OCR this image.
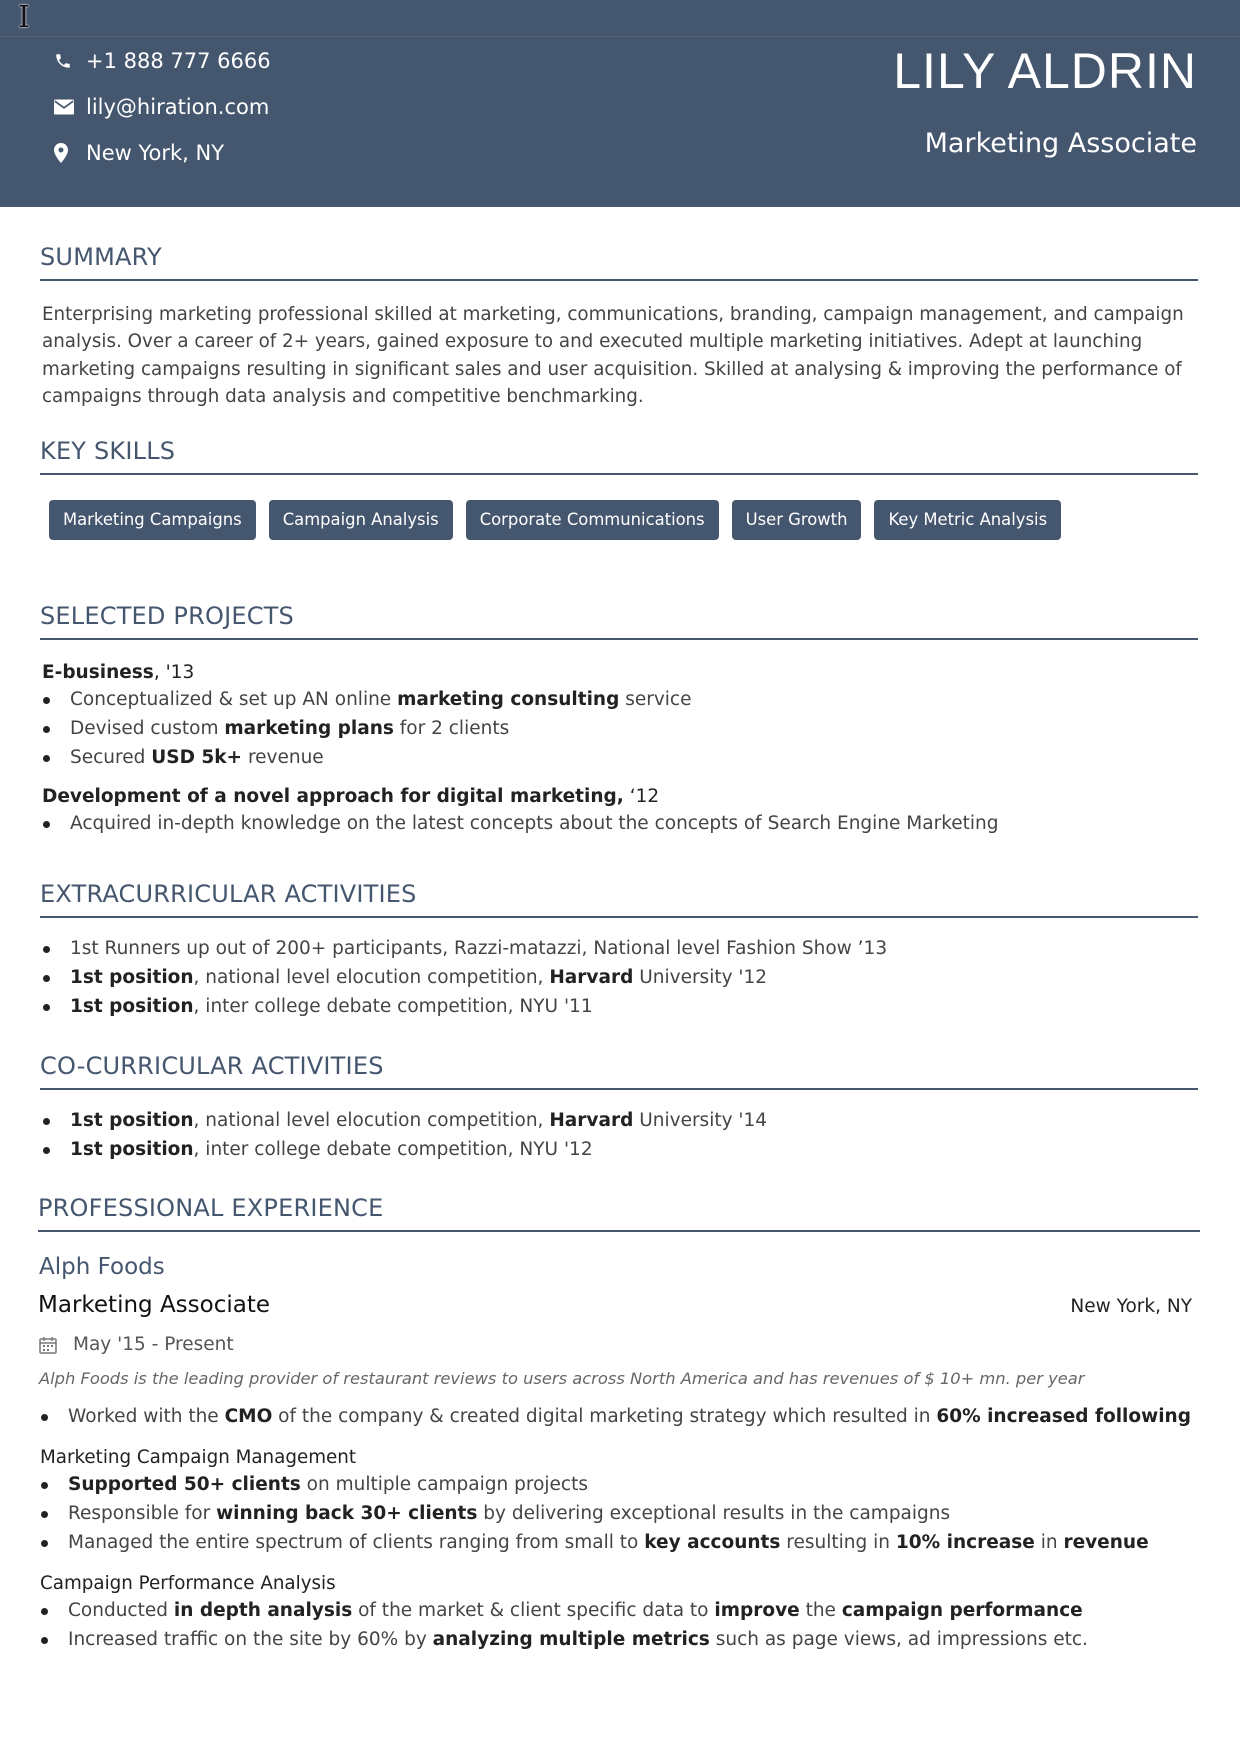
I
+1 888 777 6666
lily@hiration.com
New York, NY
LILY ALDRIN
Marketing Associate
SUMMARY
Enterprising marketing professional skilled at marketing, communications, branding, campaign management, and campaign analysis. Over a career of 2+ years, gained exposure to and executed multiple marketing initiatives. Adept at launching marketing campaigns resulting in significant sales and user acquisition. Skilled at analysing & improving the performance of campaigns through data analysis and competitive benchmarking.
KEY SKILLS
Marketing Campaigns	Campaign Analysis	Corporate Communications	User Growth	Key Metric Analysis
SELECTED PROJECTS
E-business, '13
Conceptualized & set up AN online marketing consulting service
Devised custom marketing plans for 2 clients
Secured USD 5k+ revenue
Development of a novel approach for digital marketing, ‘12
Acquired in-depth knowledge on the latest concepts about the concepts of Search Engine Marketing
EXTRACURRICULAR ACTIVITIES
1st Runners up out of 200+ participants, Razzi-matazzi, National level Fashion Show ’13
1st position, national level elocution competition, Harvard University '12
1st position, inter college debate competition, NYU '11
CO-CURRICULAR ACTIVITIES
1st position, national level elocution competition, Harvard University '14
1st position, inter college debate competition, NYU '12
PROFESSIONAL EXPERIENCE
Alph Foods
Marketing Associate	New York, NY
May '15 - Present
Alph Foods is the leading provider of restaurant reviews to users across North America and has revenues of $ 10+ mn. per year
Worked with the CMO of the company & created digital marketing strategy which resulted in 60% increased following
Marketing Campaign Management
Supported 50+ clients on multiple campaign projects
Responsible for winning back 30+ clients by delivering exceptional results in the campaigns
Managed the entire spectrum of clients ranging from small to key accounts resulting in 10% increase in revenue
Campaign Performance Analysis
Conducted in depth analysis of the market & client specific data to improve the campaign performance
Increased traffic on the site by 60% by analyzing multiple metrics such as page views, ad impressions etc.
